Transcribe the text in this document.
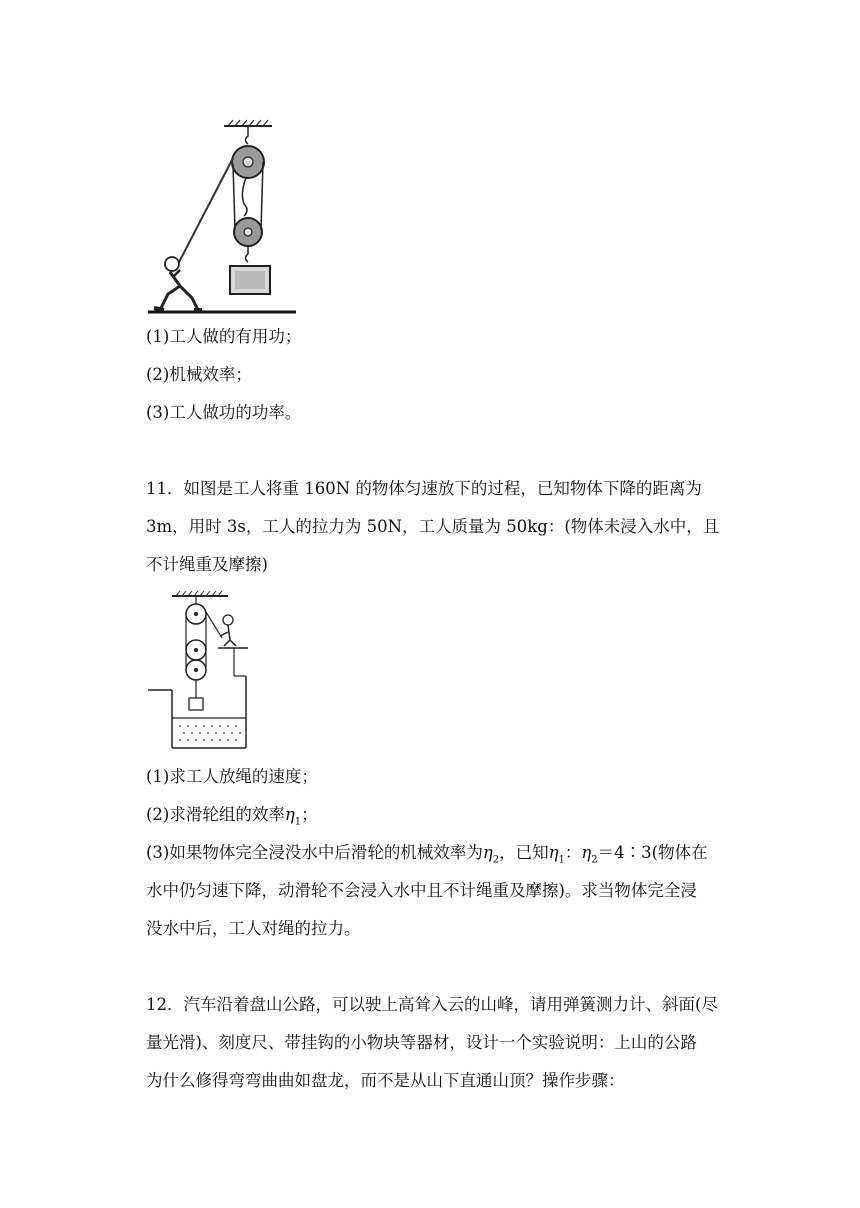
(1)工人做的有用功；
(2)机械效率；
(3)工人做功的功率。
11．如图是工人将重 160N 的物体匀速放下的过程，已知物体下降的距离为
3m，用时 3s，工人的拉力为 50N，工人质量为 50kg：(物体未浸入水中，且
不计绳重及摩擦)
(1)求工人放绳的速度；
(2)求滑轮组的效率$\eta_1$；
(3)如果物体完全浸没水中后滑轮的机械效率为$\eta_2$，已知$\eta_1$：$\eta_2=4∶3$(物体在
水中仍匀速下降，动滑轮不会浸入水中且不计绳重及摩擦)。求当物体完全浸
没水中后，工人对绳的拉力。
12．汽车沿着盘山公路，可以驶上高耸入云的山峰，请用弹簧测力计、斜面(尽
量光滑)、刻度尺、带挂钩的小物块等器材，设计一个实验说明：上山的公路
为什么修得弯弯曲曲如盘龙，而不是从山下直通山顶？操作步骤：
